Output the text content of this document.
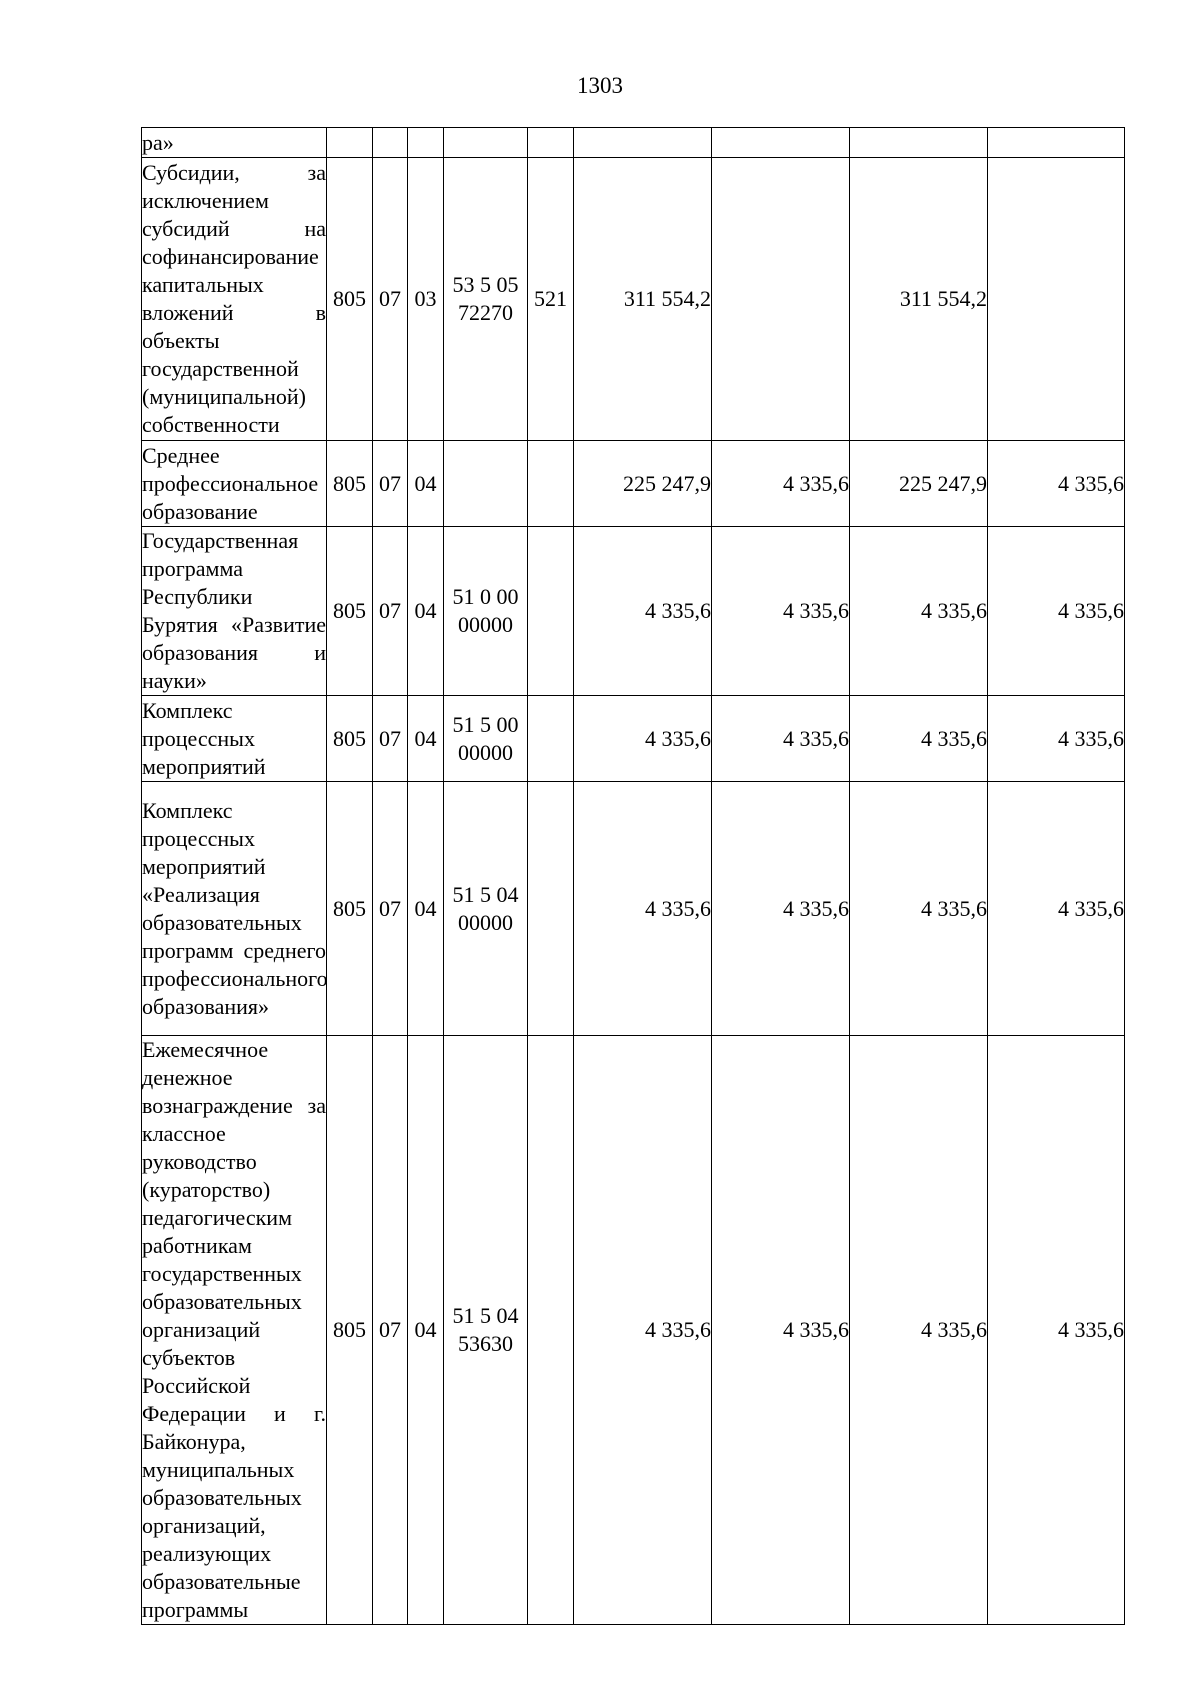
1303
ра»									
Субсидии, за исключением субсидий на софинансирование капитальных вложений в объекты государственной (муниципальной) собственности	805	07	03	53 5 05 72270	521	311 554,2		311 554,2	
Среднее профессиональное образование	805	07	04			225 247,9	4 335,6	225 247,9	4 335,6
Государственная программа Республики Бурятия «Развитие образования и науки»	805	07	04	51 0 00 00000		4 335,6	4 335,6	4 335,6	4 335,6
Комплекс процессных мероприятий	805	07	04	51 5 00 00000		4 335,6	4 335,6	4 335,6	4 335,6
Комплекс процессных мероприятий «Реализация образовательных программ среднего профессионального образования»	805	07	04	51 5 04 00000		4 335,6	4 335,6	4 335,6	4 335,6
Ежемесячное денежное вознаграждение за классное руководство (кураторство) педагогическим работникам государственных образовательных организаций субъектов Российской Федерации и г. Байконура, муниципальных образовательных организаций, реализующих образовательные программы	805	07	04	51 5 04 53630		4 335,6	4 335,6	4 335,6	4 335,6
